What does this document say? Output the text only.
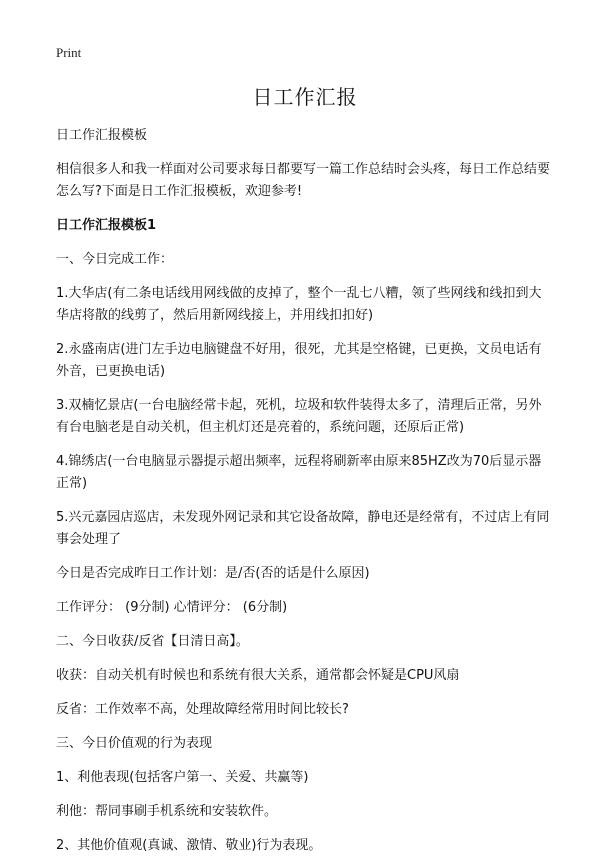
Print
日工作汇报

日工作汇报模板

相信很多人和我一样面对公司要求每日都要写一篇工作总结时会头疼，每日工作总结要怎么写?下面是日工作汇报模板，欢迎参考!

日工作汇报模板1

一、今日完成工作：

1.大华店(有二条电话线用网线做的皮掉了，整个一乱七八糟，领了些网线和线扣到大华店将散的线剪了，然后用新网线接上，并用线扣扣好)

2.永盛南店(进门左手边电脑键盘不好用，很死，尤其是空格键，已更换，文员电话有外音，已更换电话)

3.双楠忆景店(一台电脑经常卡起，死机，垃圾和软件装得太多了，清理后正常，另外有台电脑老是自动关机，但主机灯还是亮着的，系统问题，还原后正常)

4.锦绣店(一台电脑显示器提示超出频率，远程将刷新率由原来85HZ改为70后显示器正常)

5.兴元嘉园店巡店，未发现外网记录和其它设备故障，静电还是经常有，不过店上有同事会处理了

今日是否完成昨日工作计划：是/否(否的话是什么原因)

工作评分： (9分制) 心情评分： (6分制)

二、今日收获/反省【日清日高】。

收获：自动关机有时候也和系统有很大关系，通常都会怀疑是CPU风扇

反省：工作效率不高，处理故障经常用时间比较长?

三、今日价值观的行为表现

1、利他表现(包括客户第一、关爱、共赢等)

利他：帮同事刷手机系统和安装软件。

2、其他价值观(真诚、激情、敬业)行为表现。
